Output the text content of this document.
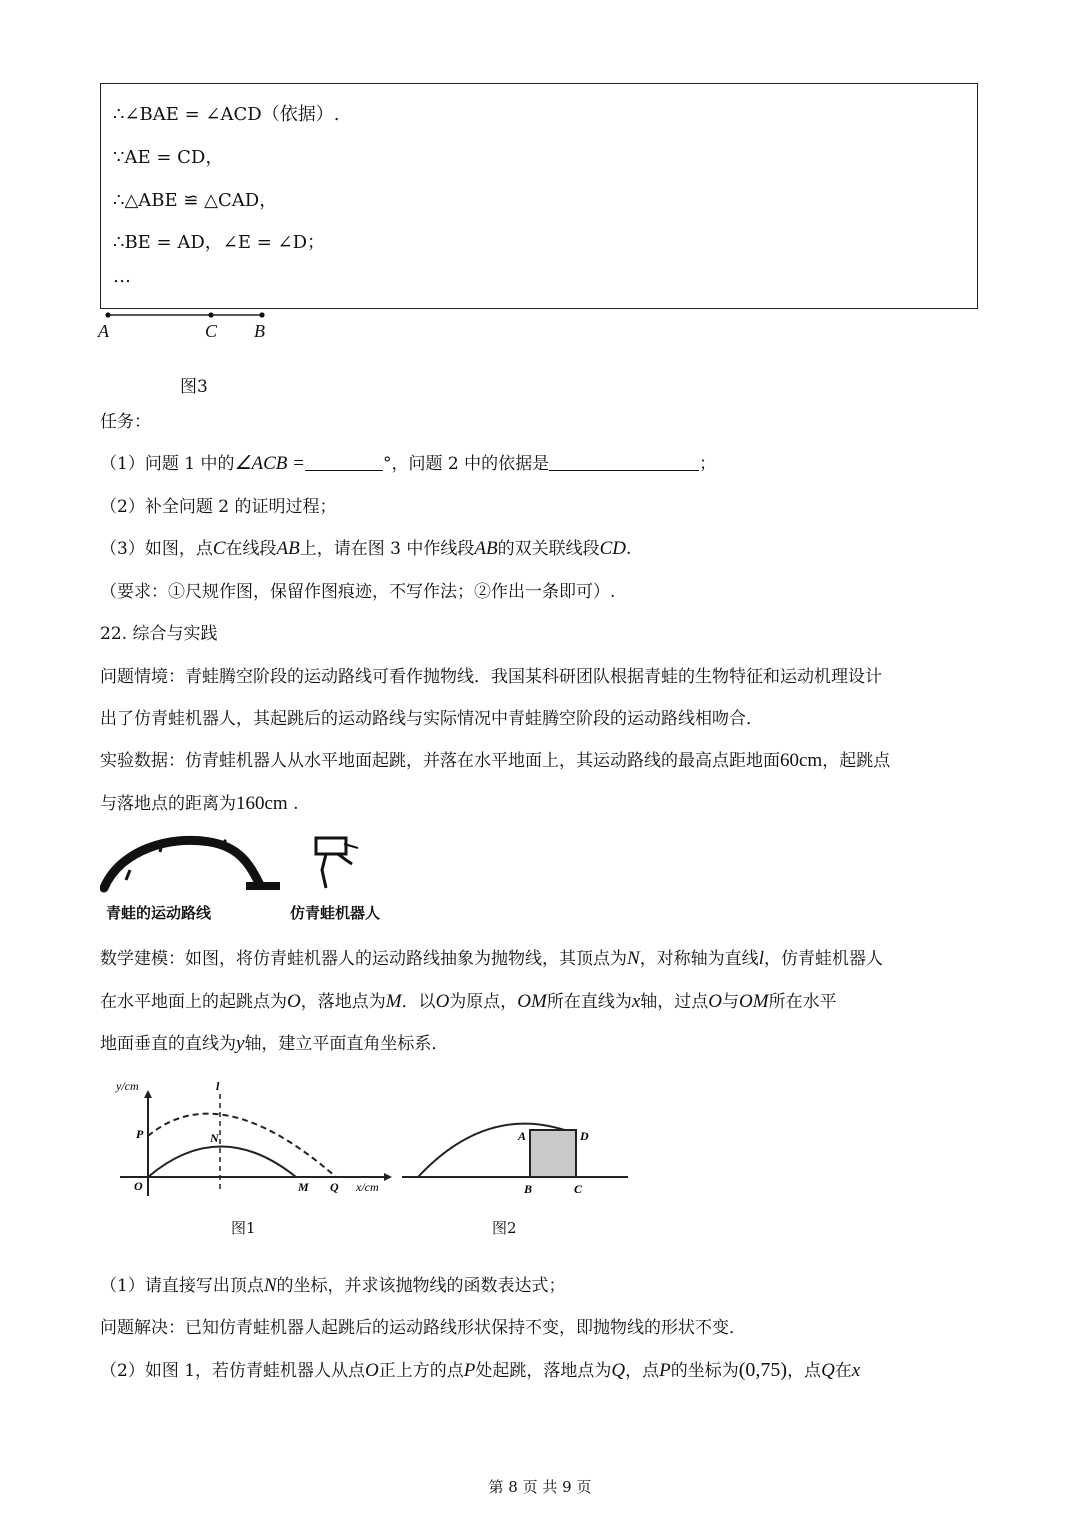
∴∠BAE = ∠ACD（依据）.
∵AE = CD，
∴△ABE ≌ △CAD，
∴BE = AD，∠E = ∠D；
…
A	C B
图3
任务：
（1）问题 1 中的∠ACB =	°，问题 2 中的依据是	；
（2）补全问题 2 的证明过程；
（3）如图，点C在线段AB上，请在图 3 中作线段AB的双关联线段CD.
（要求：①尺规作图，保留作图痕迹，不写作法；②作出一条即可）.
22. 综合与实践
问题情境：青蛙腾空阶段的运动路线可看作抛物线．我国某科研团队根据青蛙的生物特征和运动机理设计
出了仿青蛙机器人，其起跳后的运动路线与实际情况中青蛙腾空阶段的运动路线相吻合．
实验数据：仿青蛙机器人从水平地面起跳，并落在水平地面上，其运动路线的最高点距地面60cm，起跳点
与落地点的距离为160cm .
青蛙的运动路线	仿青蛙机器人
数学建模：如图，将仿青蛙机器人的运动路线抽象为抛物线，其顶点为N，对称轴为直线l，仿青蛙机器人
在水平地面上的起跳点为O，落地点为M．以O为原点，OM所在直线为x轴，过点O与OM所在水平
地面垂直的直线为y轴，建立平面直角坐标系．
y/cm	l
P	N
O	M Q x/cm
图1
A	D
B	C
图2
（1）请直接写出顶点N的坐标，并求该抛物线的函数表达式；
问题解决：已知仿青蛙机器人起跳后的运动路线形状保持不变，即抛物线的形状不变．
（2）如图 1，若仿青蛙机器人从点O正上方的点P处起跳，落地点为Q，点P的坐标为(0,75)，点Q在x
第 8 页 共 9 页
